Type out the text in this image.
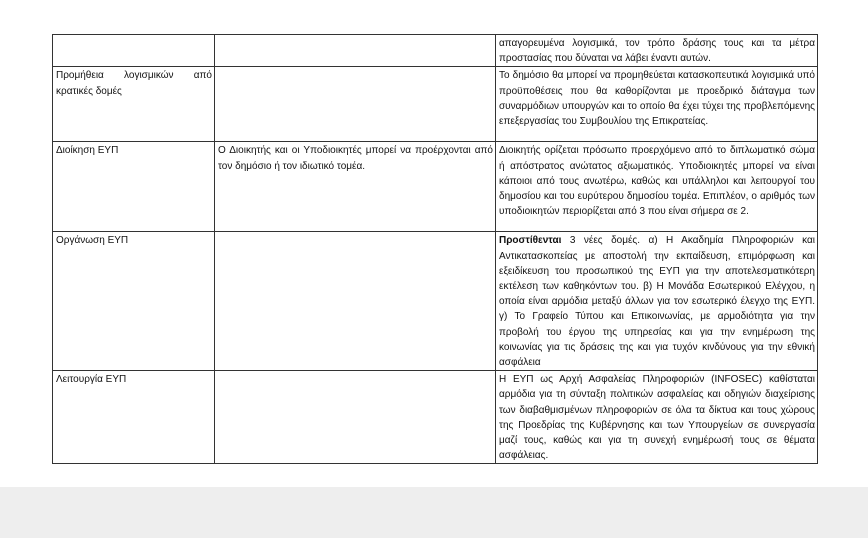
		απαγορευμένα λογισμικά, τον τρόπο δράσης τους και τα μέτρα προστασίας που δύναται να λάβει έναντι αυτών.
Προμήθεια λογισμικών από κρατικές δομές		Το δημόσιο θα μπορεί να προμηθεύεται κατασκοπευτικά λογισμικά υπό προϋποθέσεις που θα καθορίζονται με προεδρικό διάταγμα των συναρμόδιων υπουργών και το οποίο θα έχει τύχει της προβλεπόμενης επεξεργασίας του Συμβουλίου της Επικρατείας.
Διοίκηση ΕΥΠ	Ο Διοικητής και οι Υποδιοικητές μπορεί να προέρχονται από τον δημόσιο ή τον ιδιωτικό τομέα.	Διοικητής ορίζεται πρόσωπο προερχόμενο από το διπλωματικό σώμα ή απόστρατος ανώτατος αξιωματικός. Υποδιοικητές μπορεί να είναι κάποιοι από τους ανωτέρω, καθώς και υπάλληλοι και λειτουργοί του δημοσίου και του ευρύτερου δημοσίου τομέα. Επιπλέον, ο αριθμός των υποδιοικητών περιορίζεται από 3 που είναι σήμερα σε 2.
Οργάνωση ΕΥΠ		Προστίθενται 3 νέες δομές. α) Η Ακαδημία Πληροφοριών και Αντικατασκοπείας με αποστολή την εκπαίδευση, επιμόρφωση και εξειδίκευση του προσωπικού της ΕΥΠ για την αποτελεσματικότερη εκτέλεση των καθηκόντων του. β) Η Μονάδα Εσωτερικού Ελέγχου, η οποία είναι αρμόδια μεταξύ άλλων για τον εσωτερικό έλεγχο της ΕΥΠ. γ) Το Γραφείο Τύπου και Επικοινωνίας, με αρμοδιότητα για την προβολή του έργου της υπηρεσίας και για την ενημέρωση της κοινωνίας για τις δράσεις της και για τυχόν κινδύνους για την εθνική ασφάλεια
Λειτουργία ΕΥΠ		Η ΕΥΠ ως Αρχή Ασφαλείας Πληροφοριών (INFOSEC) καθίσταται αρμόδια για τη σύνταξη πολιτικών ασφαλείας και οδηγιών διαχείρισης των διαβαθμισμένων πληροφοριών σε όλα τα δίκτυα και τους χώρους της Προεδρίας της Κυβέρνησης και των Υπουργείων σε συνεργασία μαζί τους, καθώς και για τη συνεχή ενημέρωσή τους σε θέματα ασφάλειας.
